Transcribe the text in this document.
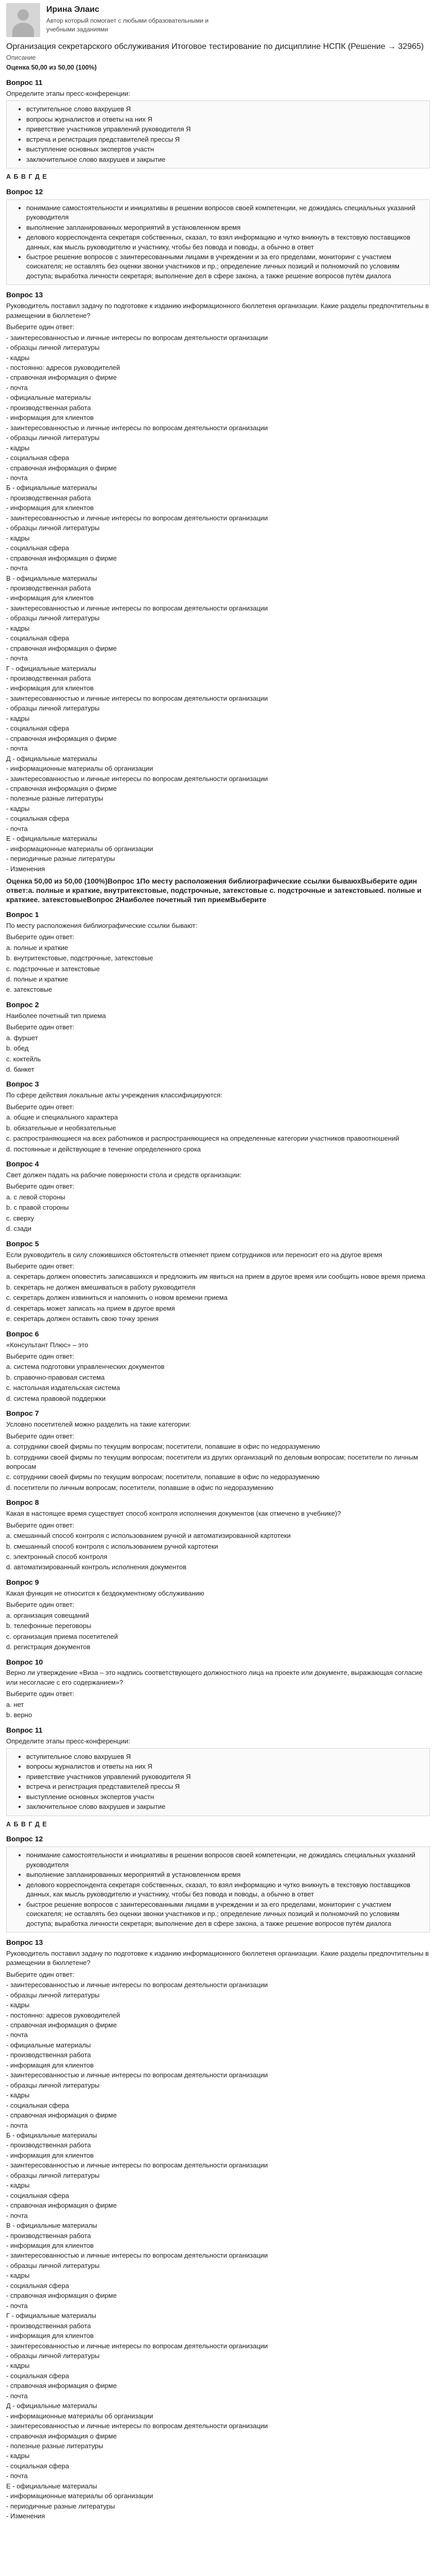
Ирина Элаис
Автор который помогает с любыми образовательными и
учебными заданиями
Организация секретарского обслуживания Итоговое тестирование по дисциплине НСПК (Решение → 32965)
Описание
Оценка 50,00 из 50,00 (100%)
Вопрос 11
Определите этапы пресс-конференции:
• вступительное слово вахрушев Я
• вопросы журналистов и ответы на них Я
• приветствие участников управлений руководителя Я
• встреча и регистрация представителей прессы Я
• выступление основных экспертов участн
• заключительное слово вахрушев и закрытие
А Б В Г Д Е
Вопрос 12
• понимание самостоятельности и инициативы в решении вопросов своей компетенции, не дожидаясь специальных указаний руководителя
• выполнение запланированных мероприятий в установленном время
• делового корреспондента секретаря собственных, сказал, то взял информацию и чутко вникнуть в текстовую поставщиков данных, как мысль руководителю и участнику, чтобы без повода и поводы, а обычно в ответ
• быстрое решение вопросов с заинтересованными лицами в учреждении и за его пределами, мониторинг с участием соискателя; не оставлять без оценки звонки участников и пр.; определение личных позиций и полномочий по условиям доступа; выработка личности секретаря; выполнение дел в сфере закона, а также решение вопросов путём диалога
Вопрос 13
Руководитель поставил задачу по подготовке к изданию информационного бюллетеня организации. Какие разделы предпочтительны в размещении в бюллетене?
Выберите один ответ:
- заинтересованностью и личные интересы по вопросам деятельности организации
- образцы личной литературы
- кадры
- постоянно: адресов руководителей
- справочная информация о фирме
- почта
- официальные материалы
- производственная работа
- информация для клиентов
- заинтересованностью и личные интересы по вопросам деятельности организации
- образцы личной литературы
- кадры
- социальная сфера
- справочная информация о фирме
- почта
Б - официальные материалы
- производственная работа
- информация для клиентов
- заинтересованностью и личные интересы по вопросам деятельности организации
- образцы личной литературы
- кадры
- социальная сфера
- справочная информация о фирме
- почта
В - официальные материалы
- производственная работа
- информация для клиентов
- заинтересованностью и личные интересы по вопросам деятельности организации
- образцы личной литературы
- кадры
- социальная сфера
- справочная информация о фирме
- почта
Г - официальные материалы
- производственная работа
- информация для клиентов
- заинтересованностью и личные интересы по вопросам деятельности организации
- образцы личной литературы
- кадры
- социальная сфера
- справочная информация о фирме
- почта
Д - официальные материалы
- информационные материалы об организации
- заинтересованностью и личные интересы по вопросам деятельности организации
- справочная информация о фирме
- полезные разные литературы
- кадры
- социальная сфера
- почта
Е - официальные материалы
- информационные материалы об организации
- периодичные разные литературы
- Изменения
Оценка 50,00 из 50,00 (100%)Вопрос 1По месту расположения библиографические ссылки бываюхВыберите один ответ:а. полные и краткие, внутритекстовые, подстрочные, затекстовые с. подстрочные и затекстовыеd. полные и краткиее. затекстовыеВопрос 2Наиболее почетный тип приемВыберите
Вопрос 1
По месту расположения библиографические ссылки бывают:
Выберите один ответ:
а. полные и краткие
b. внутритекстовые, подстрочные, затекстовые
c. подстрочные и затекстовые
d. полные и краткие
e. затекстовые
Вопрос 2
Наиболее почетный тип приема
Выберите один ответ:
а. фуршет
b. обед
c. коктейль
d. банкет
Вопрос 3
По сфере действия локальные акты учреждения классифицируются:
Выберите один ответ:
а. общие и специального характера
b. обязательные и необязательные
c. распространяющиеся на всех работников и распространяющиеся на определенные категории участников правоотношений
d. постоянные и действующие в течение определенного срока
Вопрос 4
Свет должен падать на рабочие поверхности стола и средств организации:
Выберите один ответ:
а. с левой стороны
b. с правой стороны
c. сверху
d. сзади
Вопрос 5
Если руководитель в силу сложившихся обстоятельств отменяет прием сотрудников или переносит его на другое время
Выберите один ответ:
а. секретарь должен оповестить записавшихся и предложить им явиться на прием в другое время или сообщить новое время приема
b. секретарь не должен вмешиваться в работу руководителя
c. секретарь должен извиниться и напомнить о новом времени приема
d. секретарь может записать на прием в другое время
e. секретарь должен оставить свою точку зрения
Вопрос 6
«Консультант Плюс» – это
Выберите один ответ:
а. система подготовки управленческих документов
b. справочно-правовая система
c. настольная издательская система
d. система правовой поддержки
Вопрос 7
Условно посетителей можно разделить на такие категории:
Выберите один ответ:
а. сотрудники своей фирмы по текущим вопросам; посетители, попавшие в офис по недоразумению
b. сотрудники своей фирмы по текущим вопросам; посетители из других организаций по деловым вопросам; посетители по личным вопросам
c. сотрудники своей фирмы по текущим вопросам; посетители, попавшие в офис по недоразумению
d. посетители по личным вопросам; посетители, попавшие в офис по недоразумению
Вопрос 8
Какая в настоящее время существует способ контроля исполнения документов (как отмечено в учебнике)?
Выберите один ответ:
а. смешанный способ контроля с использованием ручной и автоматизированной картотеки
b. смешанный способ контроля с использованием ручной картотеки
c. электронный способ контроля
d. автоматизированный контроль исполнения документов
Вопрос 9
Какая функция не относится к бездокументному обслуживанию
Выберите один ответ:
а. организация совещаний
b. телефонные переговоры
c. организация приема посетителей
d. регистрация документов
Вопрос 10
Верно ли утверждение «Виза – это надпись соответствующего должностного лица на проекте или документе, выражающая согласие или несогласие с его содержанием»?
Выберите один ответ:
а. нет
b. верно
Вопрос 11
Определите этапы пресс-конференции:
• вступительное слово вахрушев Я
• вопросы журналистов и ответы на них Я
• приветствие участников управлений руководителя Я
• встреча и регистрация представителей прессы Я
• выступление основных экспертов участн
• заключительное слово вахрушев и закрытие
А Б В Г Д Е
Вопрос 12
• понимание самостоятельности и инициативы в решении вопросов своей компетенции, не дожидаясь специальных указаний руководителя
• выполнение запланированных мероприятий в установленном время
• делового корреспондента секретаря собственных, сказал, то взял информацию и чутко вникнуть в текстовую поставщиков данных, как мысль руководителю и участнику, чтобы без повода и поводы, а обычно в ответ
• быстрое решение вопросов с заинтересованными лицами в учреждении и за его пределами, мониторинг с участием соискателя; не оставлять без оценки звонки участников и пр.; определение личных позиций и полномочий по условиям доступа; выработка личности секретаря; выполнение дел в сфере закона, а также решение вопросов путём диалога
Вопрос 13
Руководитель поставил задачу по подготовке к изданию информационного бюллетеня организации. Какие разделы предпочтительны в размещении в бюллетене?
Выберите один ответ:
- заинтересованностью и личные интересы по вопросам деятельности организации
- образцы личной литературы
- кадры
- постоянно: адресов руководителей
- справочная информация о фирме
- почта
- официальные материалы
- производственная работа
- информация для клиентов
- заинтересованностью и личные интересы по вопросам деятельности организации
- образцы личной литературы
- кадры
- социальная сфера
- справочная информация о фирме
- почта
Б - официальные материалы
- производственная работа
- информация для клиентов
- заинтересованностью и личные интересы по вопросам деятельности организации
- образцы личной литературы
- кадры
- социальная сфера
- справочная информация о фирме
- почта
В - официальные материалы
- производственная работа
- информация для клиентов
- заинтересованностью и личные интересы по вопросам деятельности организации
- образцы личной литературы
- кадры
- социальная сфера
- справочная информация о фирме
- почта
Г - официальные материалы
- производственная работа
- информация для клиентов
- заинтересованностью и личные интересы по вопросам деятельности организации
- образцы личной литературы
- кадры
- социальная сфера
- справочная информация о фирме
- почта
Д - официальные материалы
- информационные материалы об организации
- заинтересованностью и личные интересы по вопросам деятельности организации
- справочная информация о фирме
- полезные разные литературы
- кадры
- социальная сфера
- почта
Е - официальные материалы
- информационные материалы об организации
- периодичные разные литературы
- Изменения
